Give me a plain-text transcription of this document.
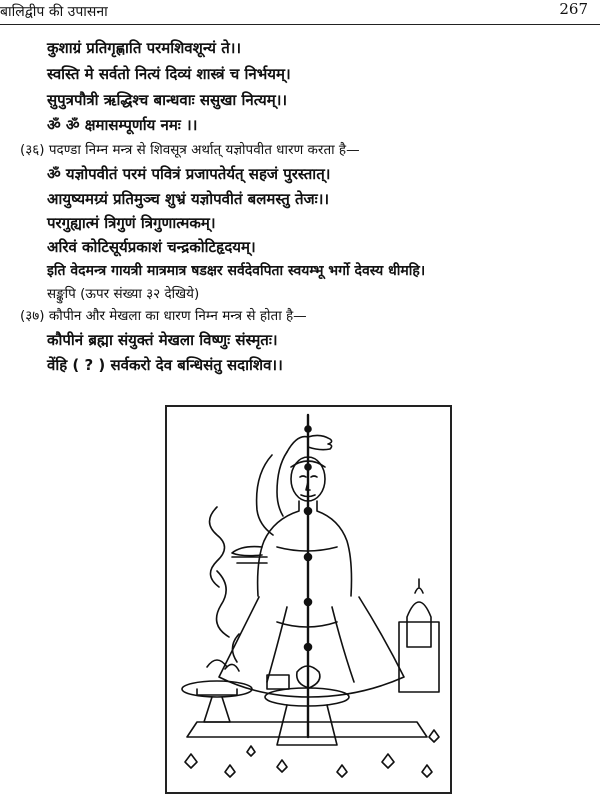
बालिद्वीप की उपासना	267
कुशाग्रं प्रतिगृह्णाति परमशिवशून्यं ते।।
स्वस्ति मे सर्वतो नित्यं दिव्यं शास्त्रं च निर्भयम्।
सुपुत्रपौत्री ऋद्धिश्च बान्धवाः ससुखा नित्यम्।।
ॐ ॐ क्षमासम्पूर्णाय नमः ।।
(३६) पदण्डा निम्न मन्त्र से शिवसूत्र अर्थात् यज्ञोपवीत धारण करता है—
ॐ यज्ञोपवीतं परमं पवित्रं प्रजापतेर्यत् सहजं पुरस्तात्।
आयुष्यमग्र्यं प्रतिमुञ्च शुभ्रं यज्ञोपवीतं बलमस्तु तेजः।।
परगुह्यात्मं त्रिगुणं त्रिगुणात्मकम्।
अरिवं कोटिसूर्यप्रकाशं चन्द्रकोटिहृदयम्।
इति वेदमन्त्र गायत्री मात्रमात्र षडक्षर सर्वदेवपिता स्वयम्भू भर्गो देवस्य धीमहि।
सङ्कुपि (ऊपर संख्या ३२ देखिये)
(३७) कौपीन और मेखला का धारण निम्न मन्त्र से होता है—
कौपीनं ब्रह्मा संयुक्तं मेखला विष्णुः संस्मृतः।
वेंहि ( ? ) सर्वकरो देव बन्धिसंतु सदाशिव।।
